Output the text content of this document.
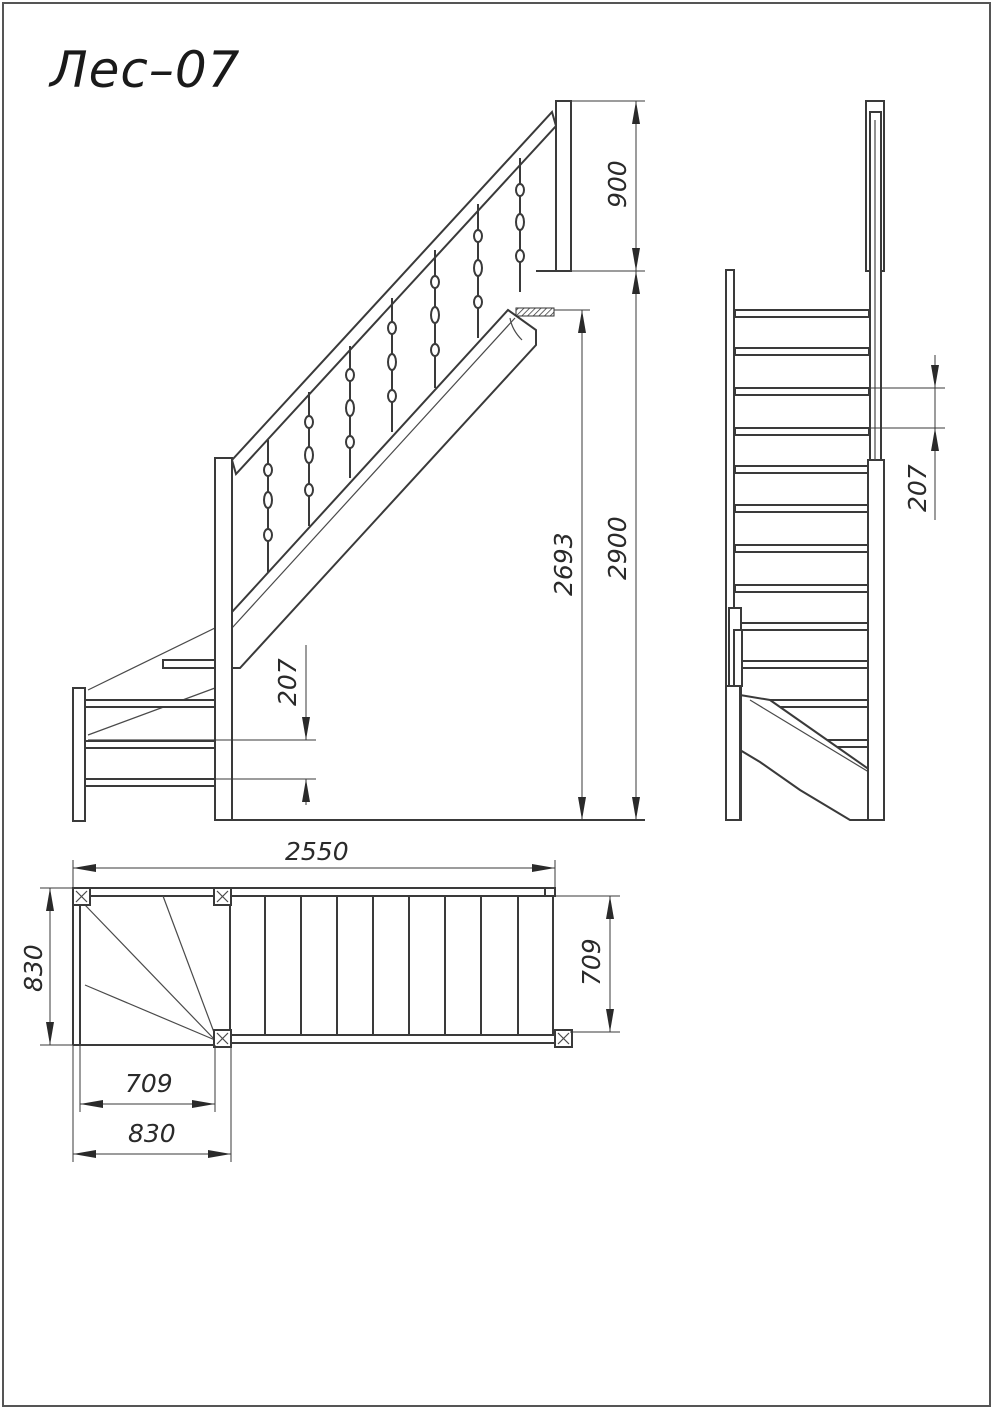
Лес–07
900
2900
2693
207
207
2550
830	709
709
830
